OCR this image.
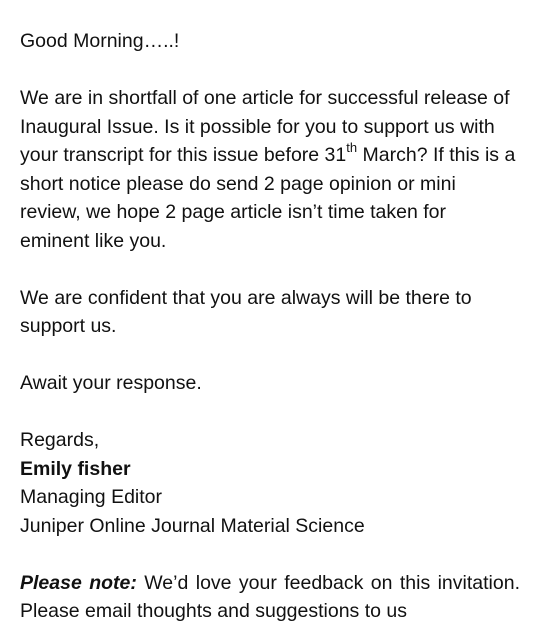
Good Morning…..!

We are in shortfall of one article for successful release of Inaugural Issue. Is it possible for you to support us with your transcript for this issue before 31th March? If this is a short notice please do send 2 page opinion or mini review, we hope 2 page article isn’t time taken for eminent like you.

We are confident that you are always will be there to support us.

Await your response.

Regards,

Emily fisher

Managing Editor

Juniper Online Journal Material Science

Please note: We’d love your feedback on this invitation. Please email thoughts and suggestions to us
